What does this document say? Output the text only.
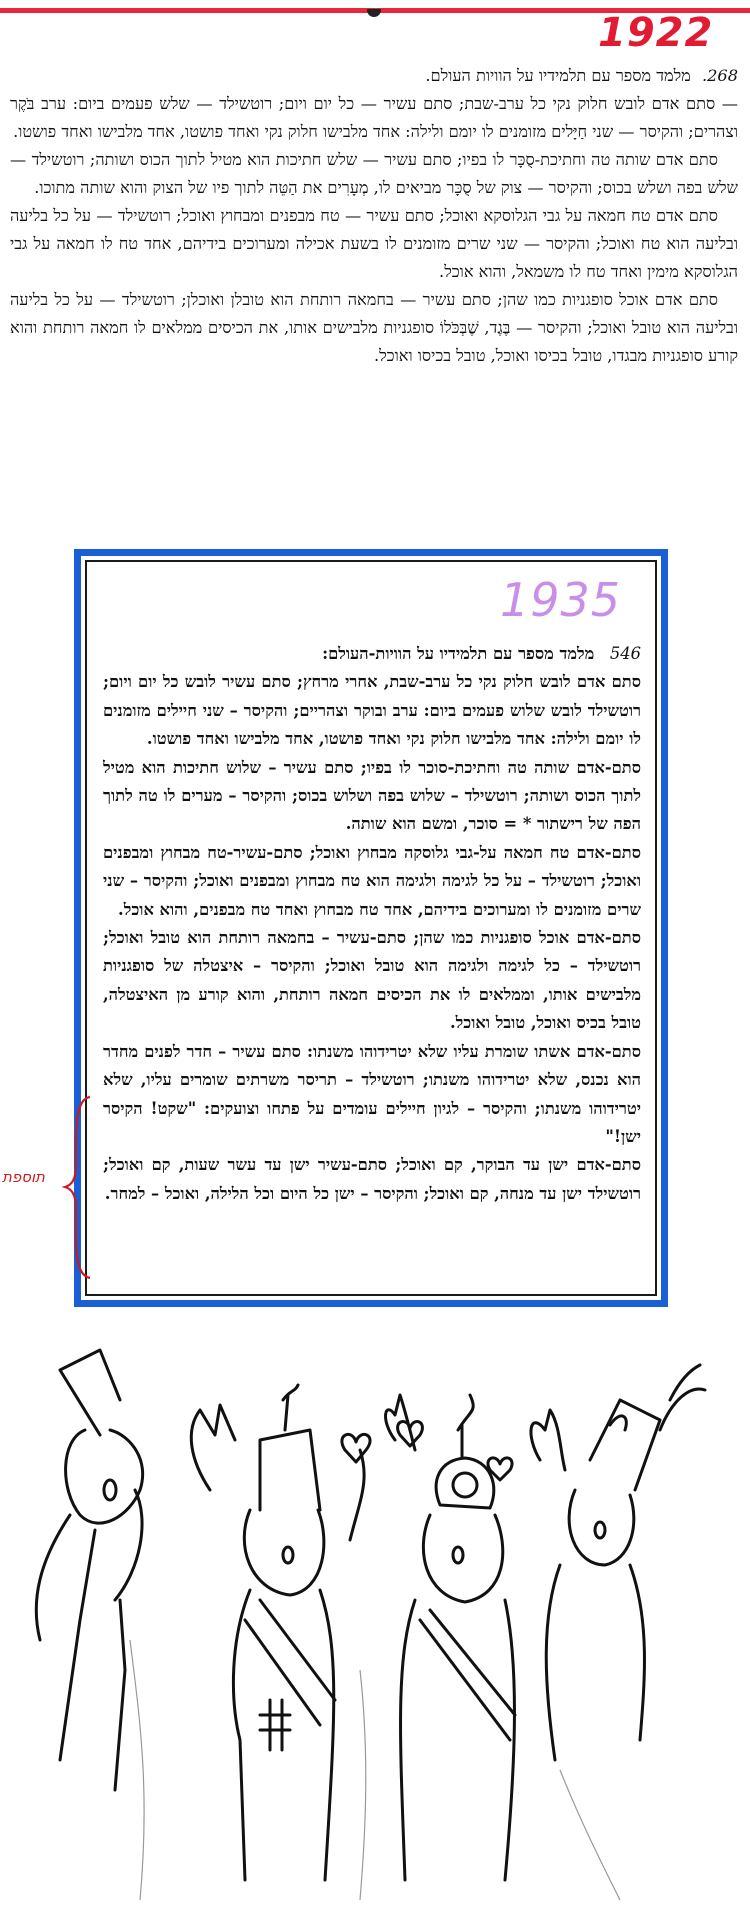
1922

268. מלמד מספר עם תלמידיו על הוויות העולם.

— סתם אדם לובש חלוק נקי כל ערב-שבת; סתם עשיר — כל יום ויום; רוטשילד — שלש פעמים ביום: ערב בֹּקֶר וצהרים; והקיסר — שני חַיָּלים מזומנים לו יומם ולילה: אחד מלבישו חלוק נקי ואחד פושטו, אחד מלבישו ואחד פושטו.

סתם אדם שותה טה וחתיכת-סֻכָּר לו בפיו; סתם עשיר — שלש חתיכות הוא מטיל לתוך הכוס ושותה; רוטשילד — שלש בפה ושלש בכוס; והקיסר — צוק של סֻכָּר מביאים לו, מְעָרִים את הַטֵּה לתוך פיו של הצוק והוא שותה מתוכו.

סתם אדם טח חמאה על גבי הגלוסקא ואוכל; סתם עשיר — טח מבפנים ומבחוץ ואוכל; רוטשילד — על כל בליעה ובליעה הוא טח ואוכל; והקיסר — שני שרים מזומנים לו בשעת אכילה ומערוכים בידיהם, אחד טח לו חמאה על גבי הגלוסקא מימין ואחד טח לו משמאל, והוא אוכל.

סתם אדם אוכל סופגניות כמו שהן; סתם עשיר — בחמאה רותחת הוא טובלן ואוכלן; רוטשילד — על כל בליעה ובליעה הוא טובל ואוכל; והקיסר — בֶּגֶד, שֶׁבְּכֹּלוֹ סופגניות מלבישים אותו, את הכיסים ממלאים לו חמאה רותחת והוא קורע סופגניות מבגדו, טובל בכיסו ואוכל, טובל בכיסו ואוכל.

1935

546 מלמד מספר עם תלמידיו על הוויות-העולם:

סתם אדם לובש חלוק נקי כל ערב-שבת, אחרי מרחץ; סתם עשיר לובש כל יום ויום; רוטשילד לובש שלוש פעמים ביום: ערב ובוקר וצהריים; והקיסר – שני חיילים מזומנים לו יומם ולילה: אחד מלבישו חלוק נקי ואחד פושטו, אחד מלבישו ואחד פושטו.

סתם-אדם שותה טה וחתיכת-סוכר לו בפיו; סתם עשיר – שלוש חתיכות הוא מטיל לתוך הכוס ושותה; רוטשילד – שלוש בפה ושלוש בכוס; והקיסר – מערים לו טה לתוך הפה של רישתור * = סוכר, ומשם הוא שותה.

סתם-אדם טח חמאה על-גבי גלוסקה מבחוץ ואוכל; סתם-עשיר-טח מבחוץ ומבפנים ואוכל; רוטשילד – על כל לגימה ולגימה הוא טח מבחוץ ומבפנים ואוכל; והקיסר – שני שרים מזומנים לו ומערוכים בידיהם, אחד טח מבחוץ ואחד טח מבפנים, והוא אוכל.

סתם-אדם אוכל סופגניות כמו שהן; סתם-עשיר – בחמאה רותחת הוא טובל ואוכל; רוטשילד – כל לגימה ולגימה הוא טובל ואוכל; והקיסר – איצטלה של סופגניות מלבישים אותו, וממלאים לו את הכיסים חמאה רותחת, והוא קורע מן האיצטלה, טובל בכיס ואוכל, טובל ואוכל.

סתם-אדם אשתו שומרת עליו שלא יטרידוהו משנתו: סתם עשיר – חדר לפנים מחדר הוא נכנס, שלא יטרידוהו משנתו; רוטשילד – תריסר משרתים שומרים עליו, שלא יטרידוהו משנתו; והקיסר – לגיון חיילים עומדים על פתחו וצועקים: "שקט! הקיסר ישן!"

סתם-אדם ישן עד הבוקר, קם ואוכל; סתם-עשיר ישן עד עשר שעות, קם ואוכל; רוטשילד ישן עד מנחה, קם ואוכל; והקיסר – ישן כל היום וכל הלילה, ואוכל – למחר.

תוספת
